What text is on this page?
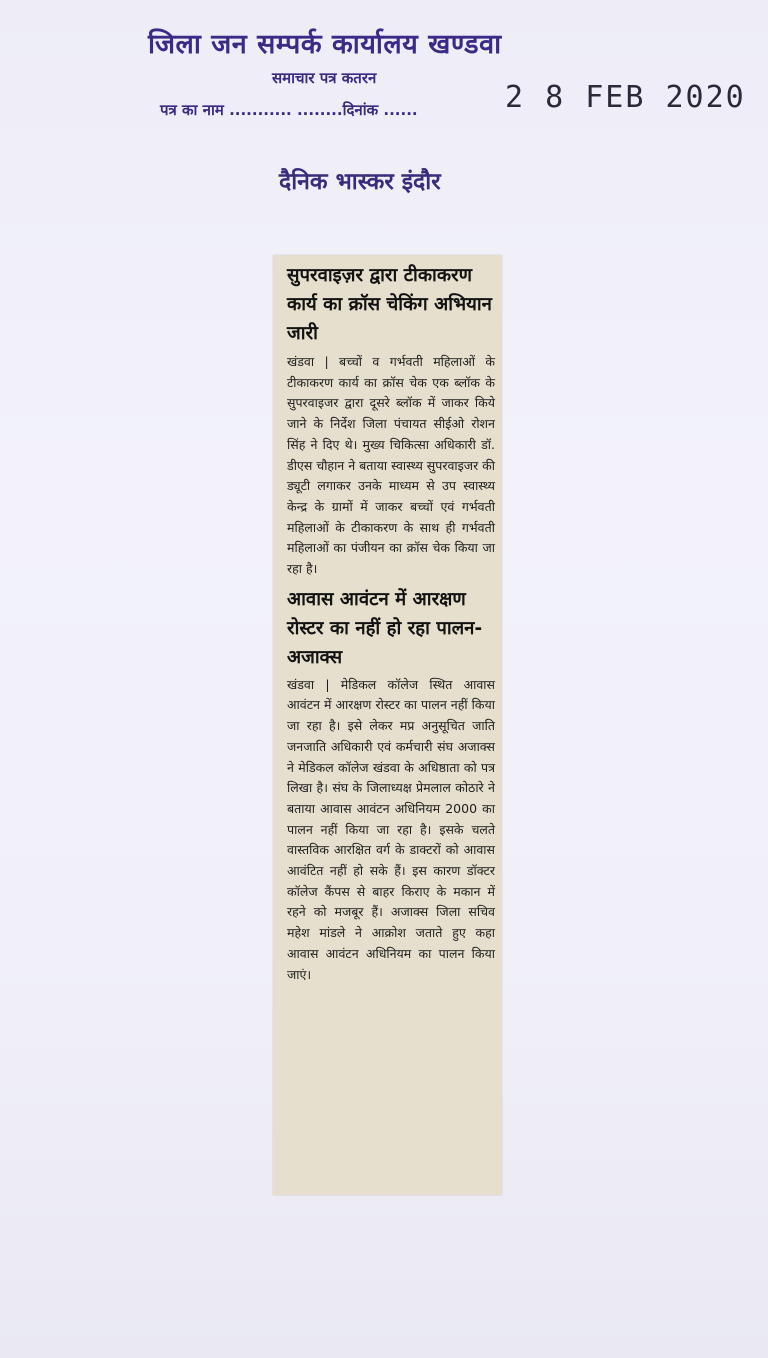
जिला जन सम्पर्क कार्यालय खण्डवा
समाचार पत्र कतरन
पत्र का नाम ........... ........दिनांक ......	2 8 FEB 2020
दैनिक भास्कर इंदौर

सुपरवाइज़र द्वारा टीकाकरण कार्य का क्रॉस चेकिंग अभियान जारी

खंडवा | बच्चों व गर्भवती महिलाओं के टीकाकरण कार्य का क्रॉस चेक एक ब्लॉक के सुपरवाइजर द्वारा दूसरे ब्लॉक में जाकर किये जाने के निर्देश जिला पंचायत सीईओ रोशन सिंह ने दिए थे। मुख्य चिकित्सा अधिकारी डॉ. डीएस चौहान ने बताया स्वास्थ्य सुपरवाइजर की ड्यूटी लगाकर उनके माध्यम से उप स्वास्थ्य केन्द्र के ग्रामों में जाकर बच्चों एवं गर्भवती महिलाओं के टीकाकरण के साथ ही गर्भवती महिलाओं का पंजीयन का क्रॉस चेक किया जा रहा है।

आवास आवंटन में आरक्षण रोस्टर का नहीं हो रहा पालन- अजाक्स

खंडवा | मेडिकल कॉलेज स्थित आवास आवंटन में आरक्षण रोस्टर का पालन नहीं किया जा रहा है। इसे लेकर मप्र अनुसूचित जाति जनजाति अधिकारी एवं कर्मचारी संघ अजाक्स ने मेडिकल कॉलेज खंडवा के अधिष्ठाता को पत्र लिखा है। संघ के जिलाध्यक्ष प्रेमलाल कोठारे ने बताया आवास आवंटन अधिनियम 2000 का पालन नहीं किया जा रहा है। इसके चलते वास्तविक आरक्षित वर्ग के डाक्टरों को आवास आवंटित नहीं हो सके हैं। इस कारण डॉक्टर कॉलेज कैंपस से बाहर किराए के मकान में रहने को मजबूर हैं। अजाक्स जिला सचिव महेश मांडले ने आक्रोश जताते हुए कहा आवास आवंटन अधिनियम का पालन किया जाएं।
